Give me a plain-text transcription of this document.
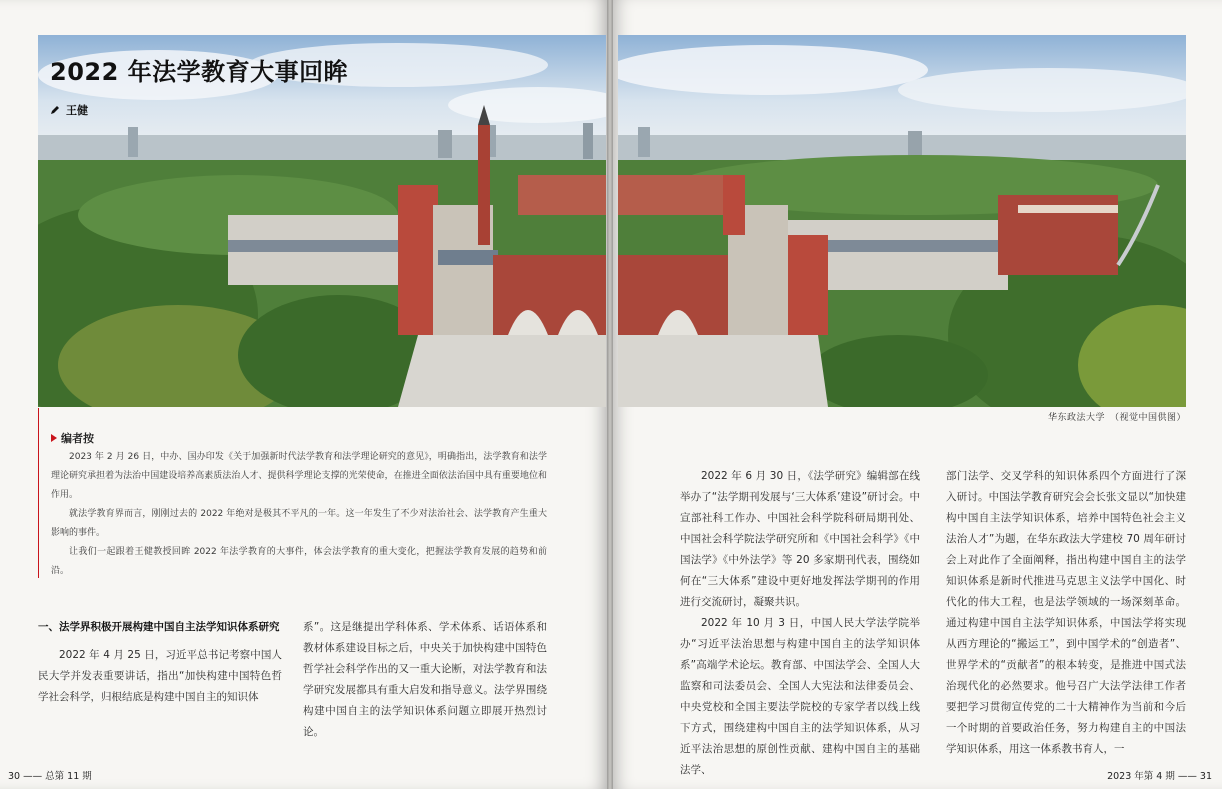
2022 年法学教育大事回眸
王健
华东政法大学　（视觉中国供图）
编者按

2023 年 2 月 26 日，中办、国办印发《关于加强新时代法学教育和法学理论研究的意见》，明确指出，法学教育和法学理论研究承担着为法治中国建设培养高素质法治人才、提供科学理论支撑的光荣使命，在推进全面依法治国中具有重要地位和作用。

就法学教育界而言，刚刚过去的 2022 年绝对是极其不平凡的一年。这一年发生了不少对法治社会、法学教育产生重大影响的事件。

让我们一起跟着王健教授回眸 2022 年法学教育的大事件，体会法学教育的重大变化，把握法学教育发展的趋势和前沿。

一、法学界积极开展构建中国自主法学知识体系研究

2022 年 4 月 25 日，习近平总书记考察中国人民大学并发表重要讲话，指出“加快构建中国特色哲学社会科学，归根结底是构建中国自主的知识体

系”。这是继提出学科体系、学术体系、话语体系和教材体系建设目标之后，中央关于加快构建中国特色哲学社会科学作出的又一重大论断，对法学教育和法学研究发展都具有重大启发和指导意义。法学界围绕构建中国自主的法学知识体系问题立即展开热烈讨论。

2022 年 6 月 30 日，《法学研究》编辑部在线举办了“法学期刊发展与‘三大体系’建设”研讨会。中宣部社科工作办、中国社会科学院科研局期刊处、中国社会科学院法学研究所和《中国社会科学》《中国法学》《中外法学》等 20 多家期刊代表，围绕如何在“三大体系”建设中更好地发挥法学期刊的作用进行交流研讨，凝聚共识。

2022 年 10 月 3 日，中国人民大学法学院举办“习近平法治思想与构建中国自主的法学知识体系”高端学术论坛。教育部、中国法学会、全国人大监察和司法委员会、全国人大宪法和法律委员会、中央党校和全国主要法学院校的专家学者以线上线下方式，围绕建构中国自主的法学知识体系，从习近平法治思想的原创性贡献、建构中国自主的基础法学、

部门法学、交叉学科的知识体系四个方面进行了深入研讨。中国法学教育研究会会长张文显以“加快建构中国自主法学知识体系，培养中国特色社会主义法治人才”为题，在华东政法大学建校 70 周年研讨会上对此作了全面阐释，指出构建中国自主的法学知识体系是新时代推进马克思主义法学中国化、时代化的伟大工程，也是法学领域的一场深刻革命。通过构建中国自主法学知识体系，中国法学将实现从西方理论的“搬运工”，到中国学术的“创造者”、世界学术的“贡献者”的根本转变，是推进中国式法治现代化的必然要求。他号召广大法学法律工作者要把学习贯彻宣传党的二十大精神作为当前和今后一个时期的首要政治任务，努力构建自主的中国法学知识体系，用这一体系教书育人，一

30 —— 总第 11 期	2023 年第 4 期 —— 31
